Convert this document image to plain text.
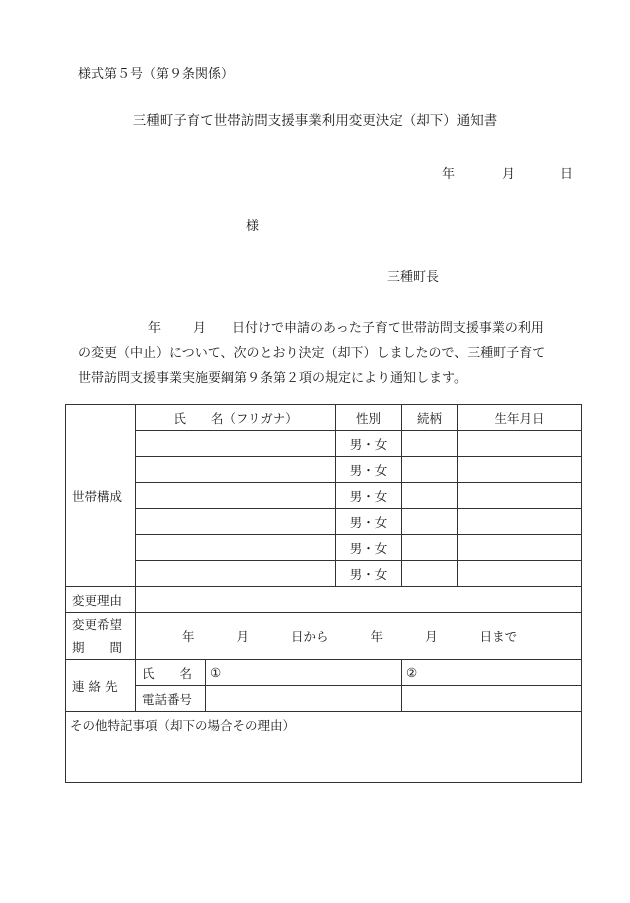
様式第５号（第９条関係）
三種町子育て世帯訪問支援事業利用変更決定（却下）通知書
年	月	日
様
三種町長
年 月 日付けで申請のあった子育て世帯訪問支援事業の利用
の変更（中止）について、次のとおり決定（却下）しましたので、三種町子育て
世帯訪問支援事業実施要綱第９条第２項の規定により通知します。
世帯構成	氏　　名（フリガナ）		性別	続柄	生年月日
			男・女		
			男・女		
			男・女		
			男・女		
			男・女		
			男・女		
変更理由					

変更希望
期　　間	年 月 日から 年 月 日まで				
連 絡 先	氏　　名	①		②	
	電話番号				
その他特記事項（却下の場合その理由）					
